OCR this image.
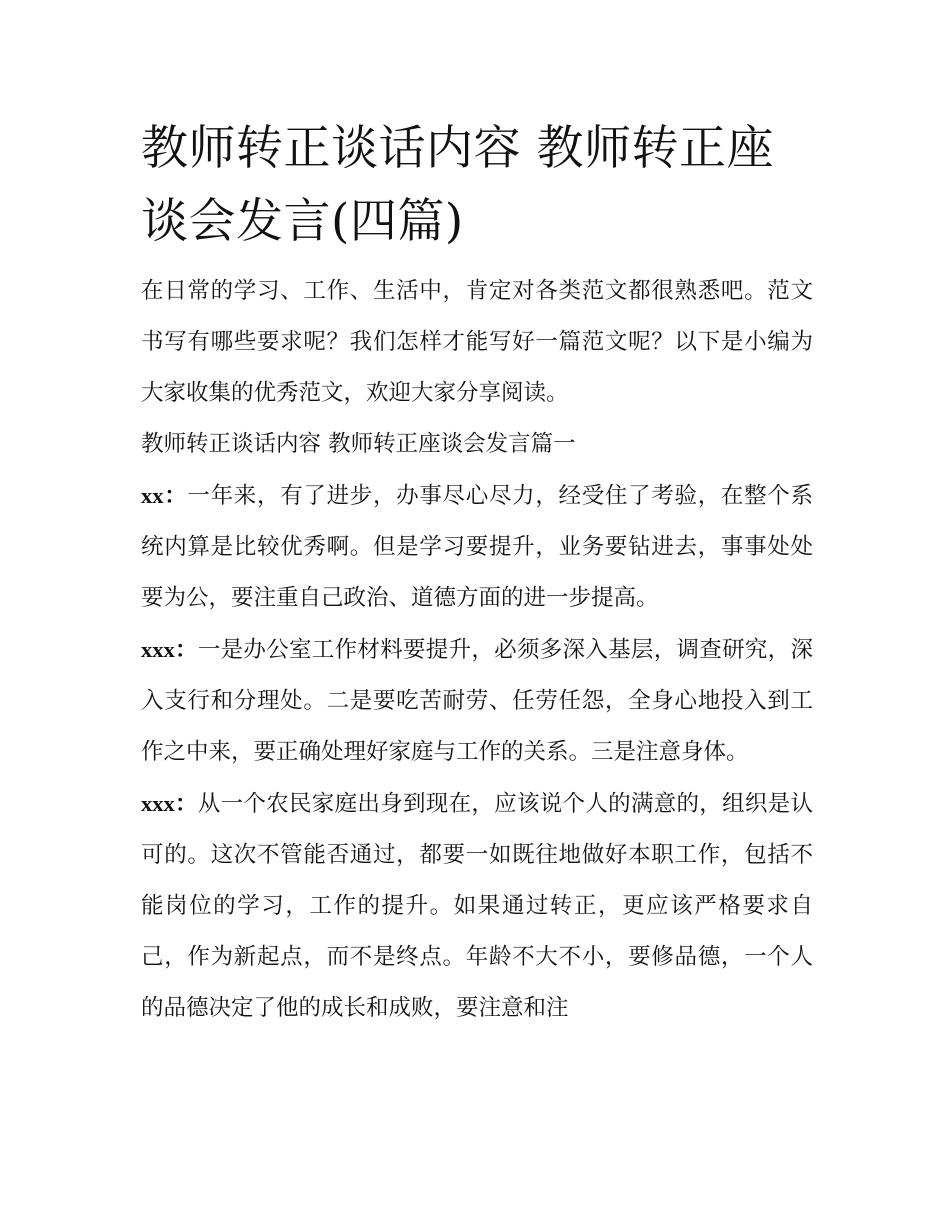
教师转正谈话内容 教师转正座谈会发言(四篇)

在日常的学习、工作、生活中，肯定对各类范文都很熟悉吧。范文书写有哪些要求呢？我们怎样才能写好一篇范文呢？以下是小编为大家收集的优秀范文，欢迎大家分享阅读。

教师转正谈话内容 教师转正座谈会发言篇一

xx：一年来，有了进步，办事尽心尽力，经受住了考验，在整个系统内算是比较优秀啊。但是学习要提升，业务要钻进去，事事处处要为公，要注重自己政治、道德方面的进一步提高。

xxx：一是办公室工作材料要提升，必须多深入基层，调查研究，深入支行和分理处。二是要吃苦耐劳、任劳任怨，全身心地投入到工作之中来，要正确处理好家庭与工作的关系。三是注意身体。

xxx：从一个农民家庭出身到现在，应该说个人的满意的，组织是认可的。这次不管能否通过，都要一如既往地做好本职工作，包括不能岗位的学习，工作的提升。如果通过转正，更应该严格要求自己，作为新起点，而不是终点。年龄不大不小，要修品德，一个人的品德决定了他的成长和成败，要注意和注
